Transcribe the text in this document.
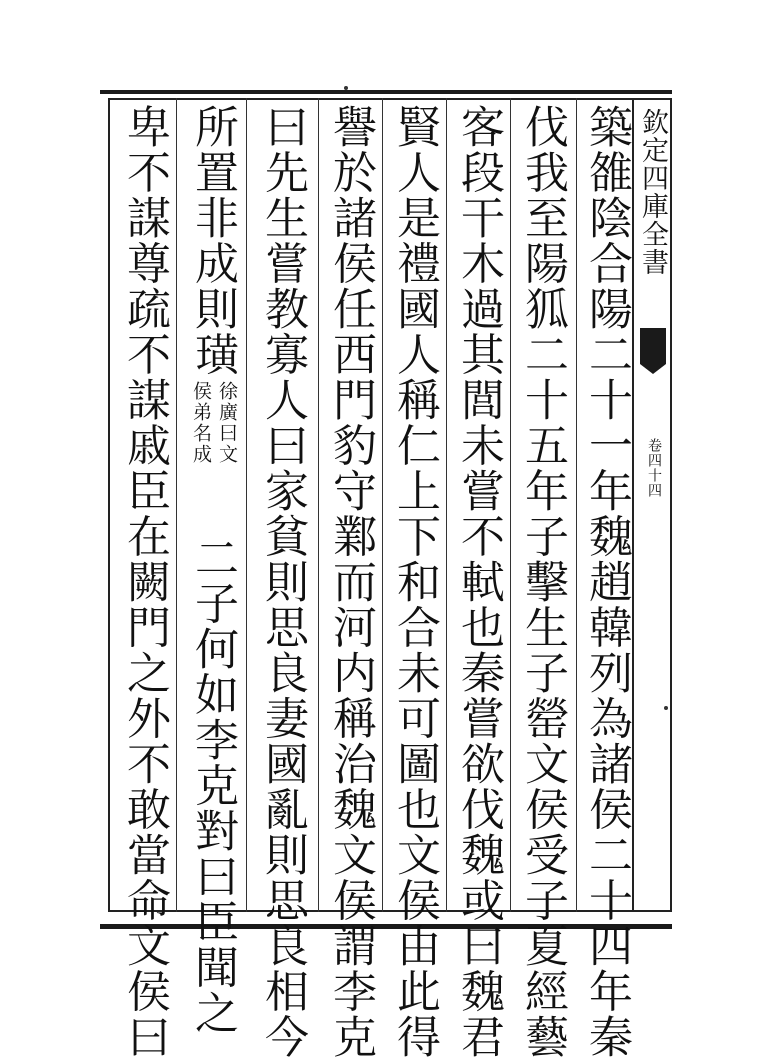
欽定四庫全書
卷四十四
築雒陰合陽二十一年魏趙韓列為諸侯二十四年秦
伐我至陽狐二十五年子擊生子罃文侯受子夏經藝
客段干木過其閭未嘗不軾也秦嘗欲伐魏或曰魏君
賢人是禮國人稱仁上下和合未可圖也文侯由此得
譽於諸侯任西門豹守鄴而河内稱治魏文侯謂李克
曰先生嘗教寡人曰家貧則思良妻國亂則思良相今
所置非成則璜
徐廣曰文
侯弟名成
二子何如李克對曰臣聞之
卑不謀尊疏不謀戚臣在闕門之外不敢當命文侯曰
